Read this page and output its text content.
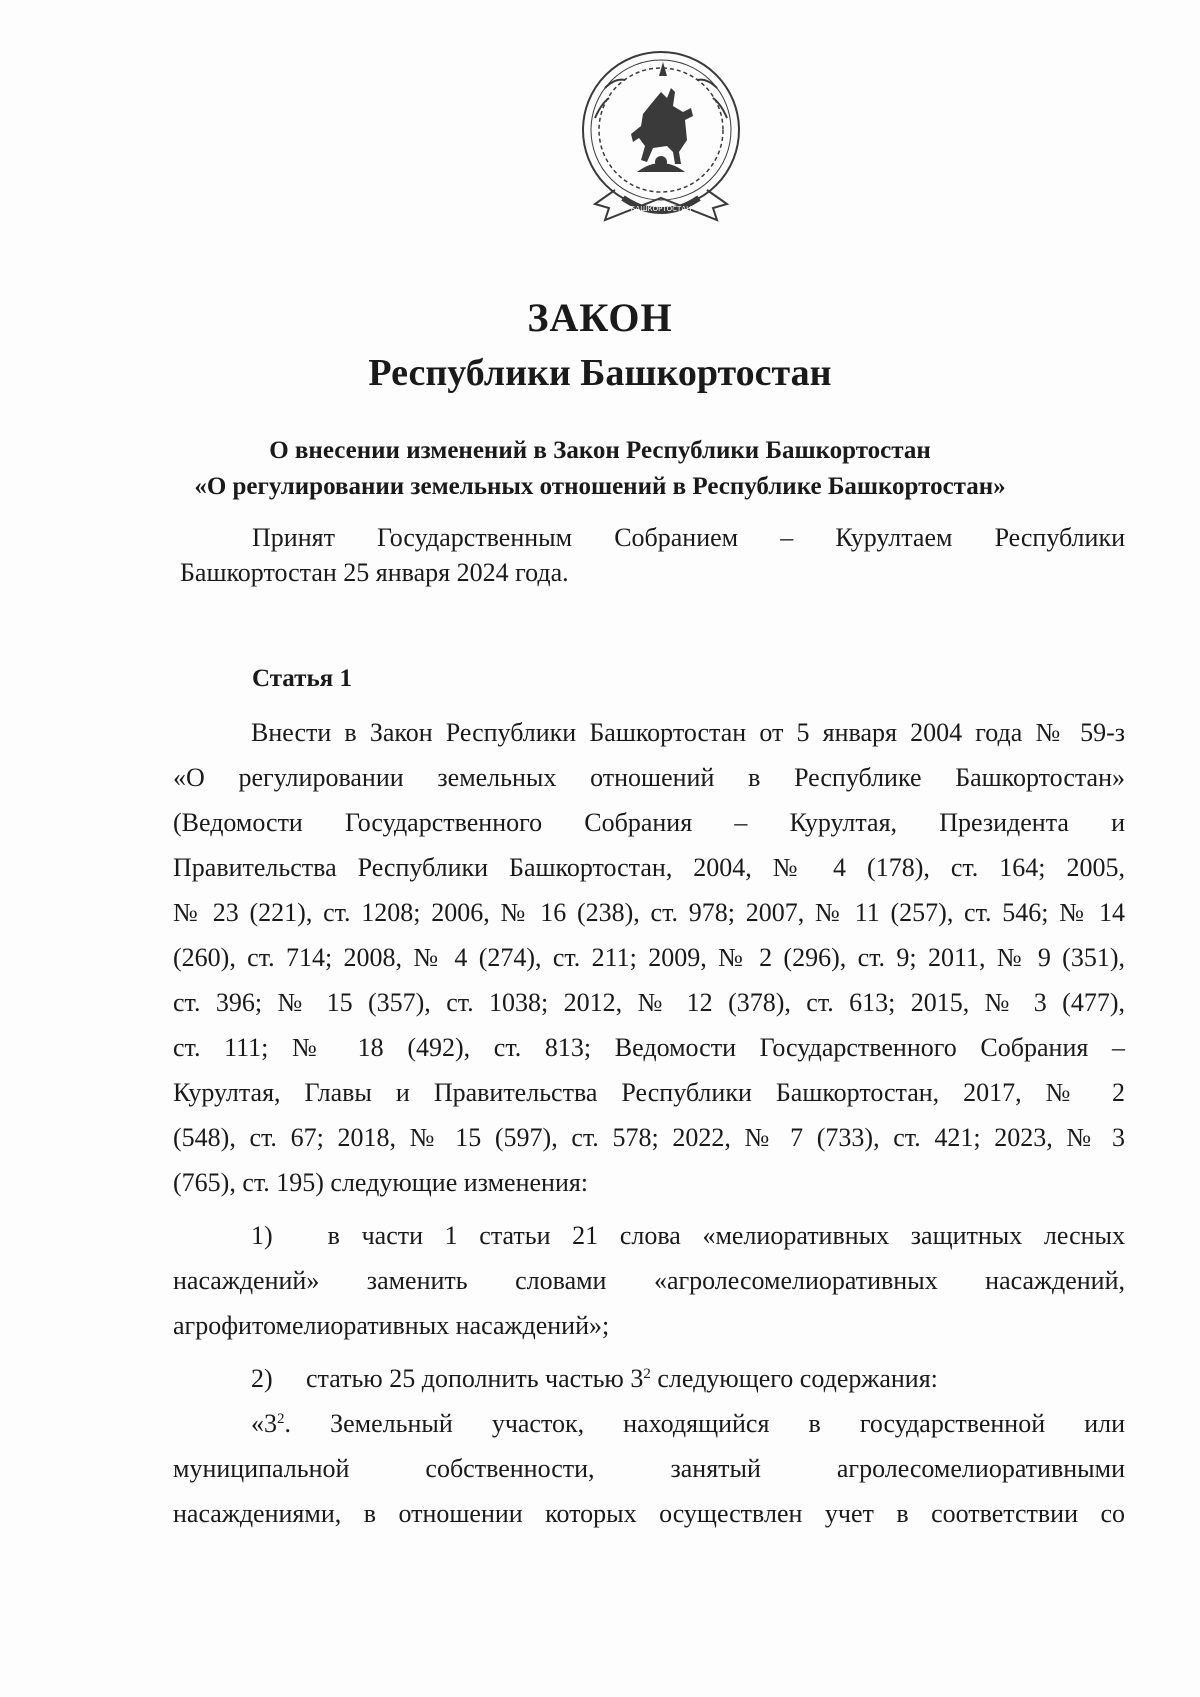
БАШКОРТОСТАН
ЗАКОН
Республики Башкортостан
О внесении изменений в Закон Республики Башкортостан
«О регулировании земельных отношений в Республике Башкортостан»
Принят Государственным Собранием – Курултаем Республики
Башкортостан 25 января 2024 года.
Статья 1
Внести в Закон Республики Башкортостан от 5 января 2004 года № 59-з
«О регулировании земельных отношений в Республике Башкортостан»
(Ведомости Государственного Собрания – Курултая, Президента и
Правительства Республики Башкортостан, 2004, № 4 (178), ст. 164; 2005,
№ 23 (221), ст. 1208; 2006, № 16 (238), ст. 978; 2007, № 11 (257), ст. 546; № 14
(260), ст. 714; 2008, № 4 (274), ст. 211; 2009, № 2 (296), ст. 9; 2011, № 9 (351),
ст. 396; № 15 (357), ст. 1038; 2012, № 12 (378), ст. 613; 2015, № 3 (477),
ст. 111; № 18 (492), ст. 813; Ведомости Государственного Собрания –
Курултая, Главы и Правительства Республики Башкортостан, 2017, № 2
(548), ст. 67; 2018, № 15 (597), ст. 578; 2022, № 7 (733), ст. 421; 2023, № 3
(765), ст. 195) следующие изменения:
1) в части 1 статьи 21 слова «мелиоративных защитных лесных
насаждений» заменить словами «агролесомелиоративных насаждений,
агрофитомелиоративных насаждений»;
2) статью 25 дополнить частью $3^2$ следующего содержания:
«$3^2$. Земельный участок, находящийся в государственной или
муниципальной собственности, занятый агролесомелиоративными
насаждениями, в отношении которых осуществлен учет в соответствии со
